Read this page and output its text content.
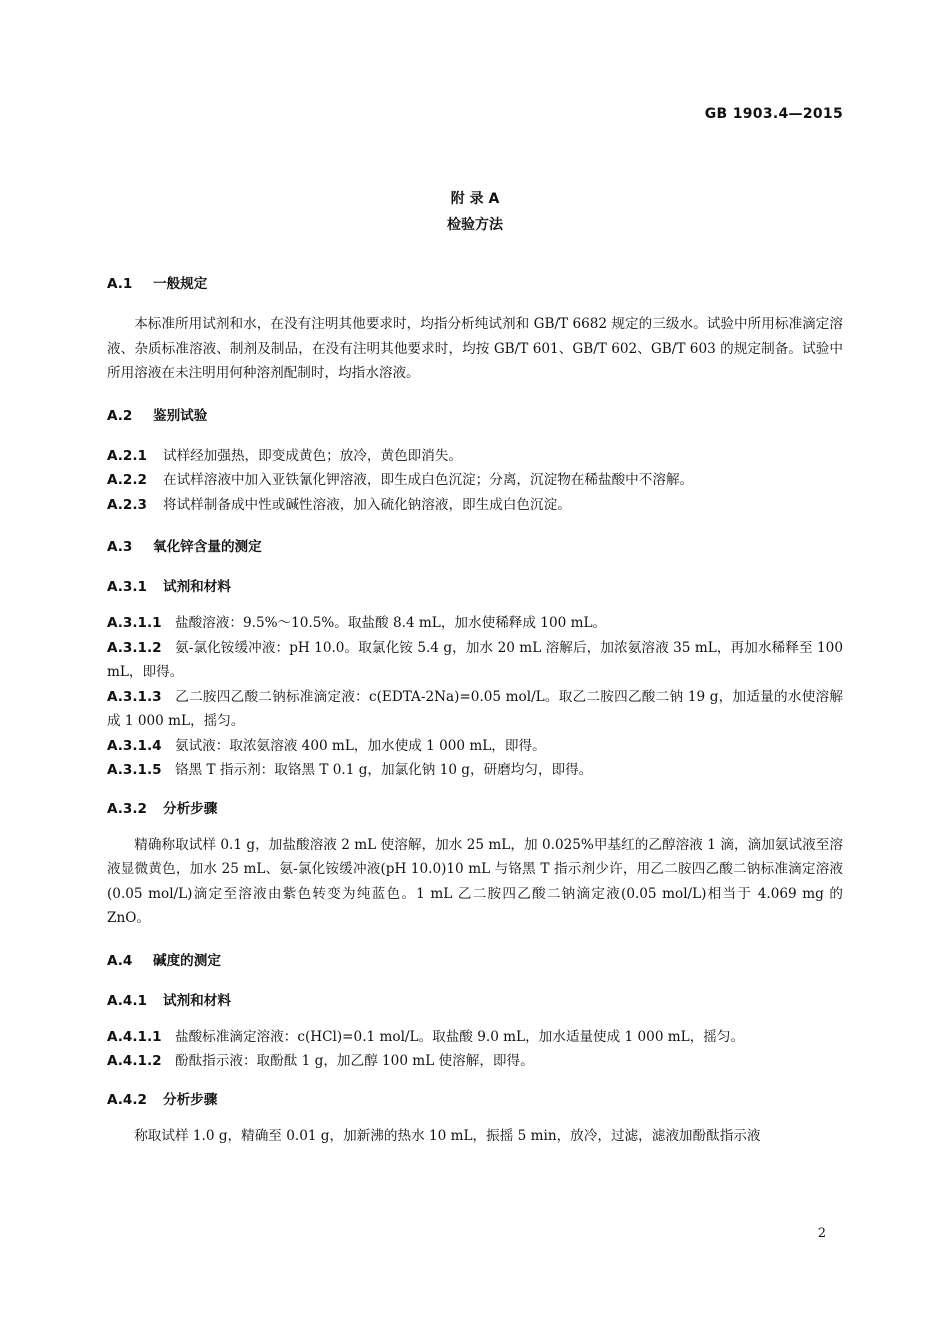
GB 1903.4—2015
附 录 A
检验方法
A.1 一般规定
本标准所用试剂和水，在没有注明其他要求时，均指分析纯试剂和 GB/T 6682 规定的三级水。试验中所用标准滴定溶液、杂质标准溶液、制剂及制品，在没有注明其他要求时，均按 GB/T 601、GB/T 602、GB/T 603 的规定制备。试验中所用溶液在未注明用何种溶剂配制时，均指水溶液。
A.2 鉴别试验
A.2.1 试样经加强热，即变成黄色；放冷，黄色即消失。
A.2.2 在试样溶液中加入亚铁氰化钾溶液，即生成白色沉淀；分离，沉淀物在稀盐酸中不溶解。
A.2.3 将试样制备成中性或碱性溶液，加入硫化钠溶液，即生成白色沉淀。
A.3 氧化锌含量的测定
A.3.1 试剂和材料
A.3.1.1 盐酸溶液：9.5%～10.5%。取盐酸 8.4 mL，加水使稀释成 100 mL。
A.3.1.2 氨-氯化铵缓冲液：pH 10.0。取氯化铵 5.4 g，加水 20 mL 溶解后，加浓氨溶液 35 mL，再加水稀释至 100 mL，即得。
A.3.1.3 乙二胺四乙酸二钠标准滴定液：c(EDTA-2Na)=0.05 mol/L。取乙二胺四乙酸二钠 19 g，加适量的水使溶解成 1 000 mL，摇匀。
A.3.1.4 氨试液：取浓氨溶液 400 mL，加水使成 1 000 mL，即得。
A.3.1.5 铬黑 T 指示剂：取铬黑 T 0.1 g，加氯化钠 10 g，研磨均匀，即得。
A.3.2 分析步骤
精确称取试样 0.1 g，加盐酸溶液 2 mL 使溶解，加水 25 mL，加 0.025%甲基红的乙醇溶液 1 滴，滴加氨试液至溶液显微黄色，加水 25 mL、氨-氯化铵缓冲液(pH 10.0)10 mL 与铬黑 T 指示剂少许，用乙二胺四乙酸二钠标准滴定溶液(0.05 mol/L)滴定至溶液由紫色转变为纯蓝色。1 mL 乙二胺四乙酸二钠滴定液(0.05 mol/L)相当于 4.069 mg 的 ZnO。
A.4 碱度的测定
A.4.1 试剂和材料
A.4.1.1 盐酸标准滴定溶液：c(HCl)=0.1 mol/L。取盐酸 9.0 mL，加水适量使成 1 000 mL，摇匀。
A.4.1.2 酚酞指示液：取酚酞 1 g，加乙醇 100 mL 使溶解，即得。
A.4.2 分析步骤
称取试样 1.0 g，精确至 0.01 g，加新沸的热水 10 mL，振摇 5 min，放冷，过滤，滤液加酚酞指示液
2
